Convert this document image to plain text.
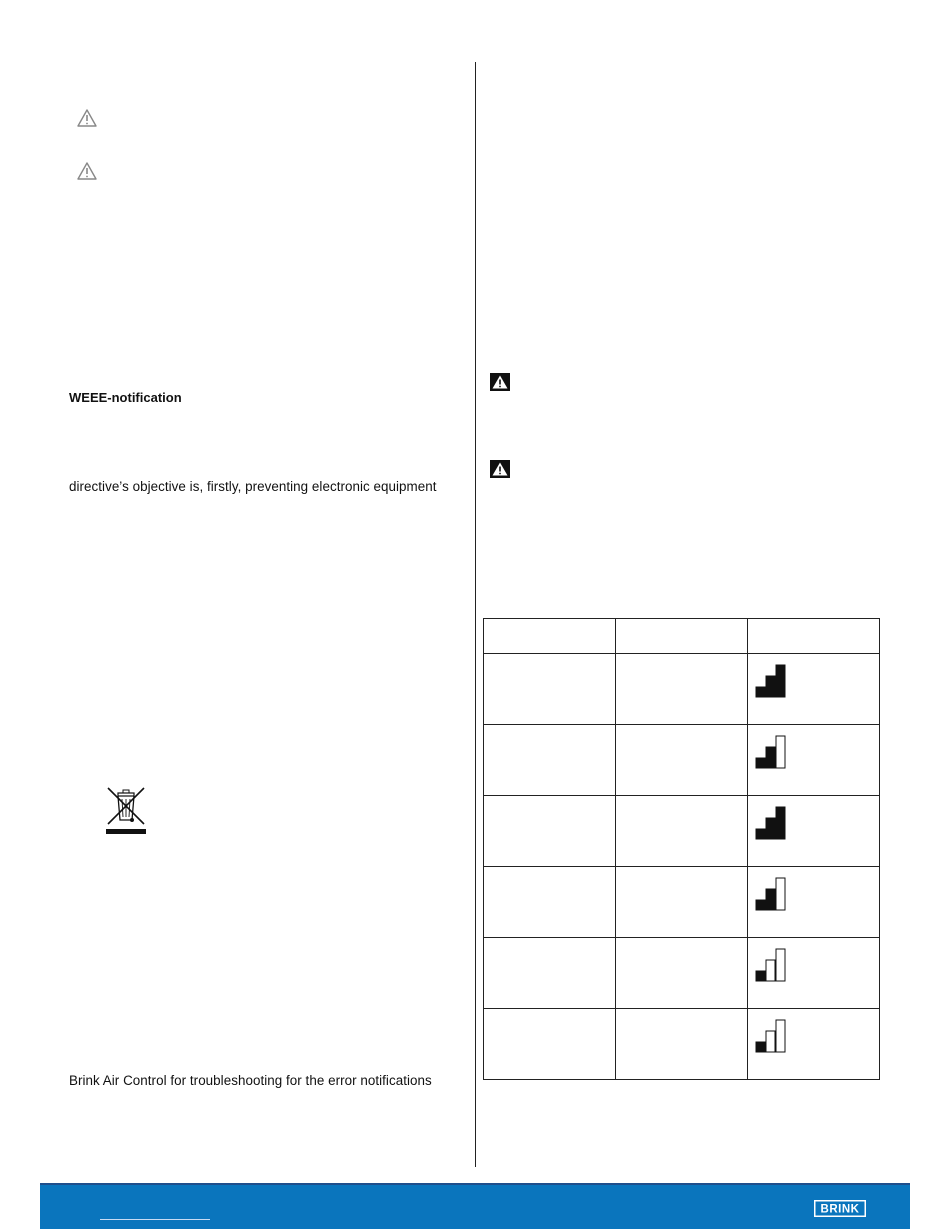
WEEE-notification
directive’s objective is, firstly, preventing electronic equipment
Brink Air Control for troubleshooting for the error notifications

BRINK
